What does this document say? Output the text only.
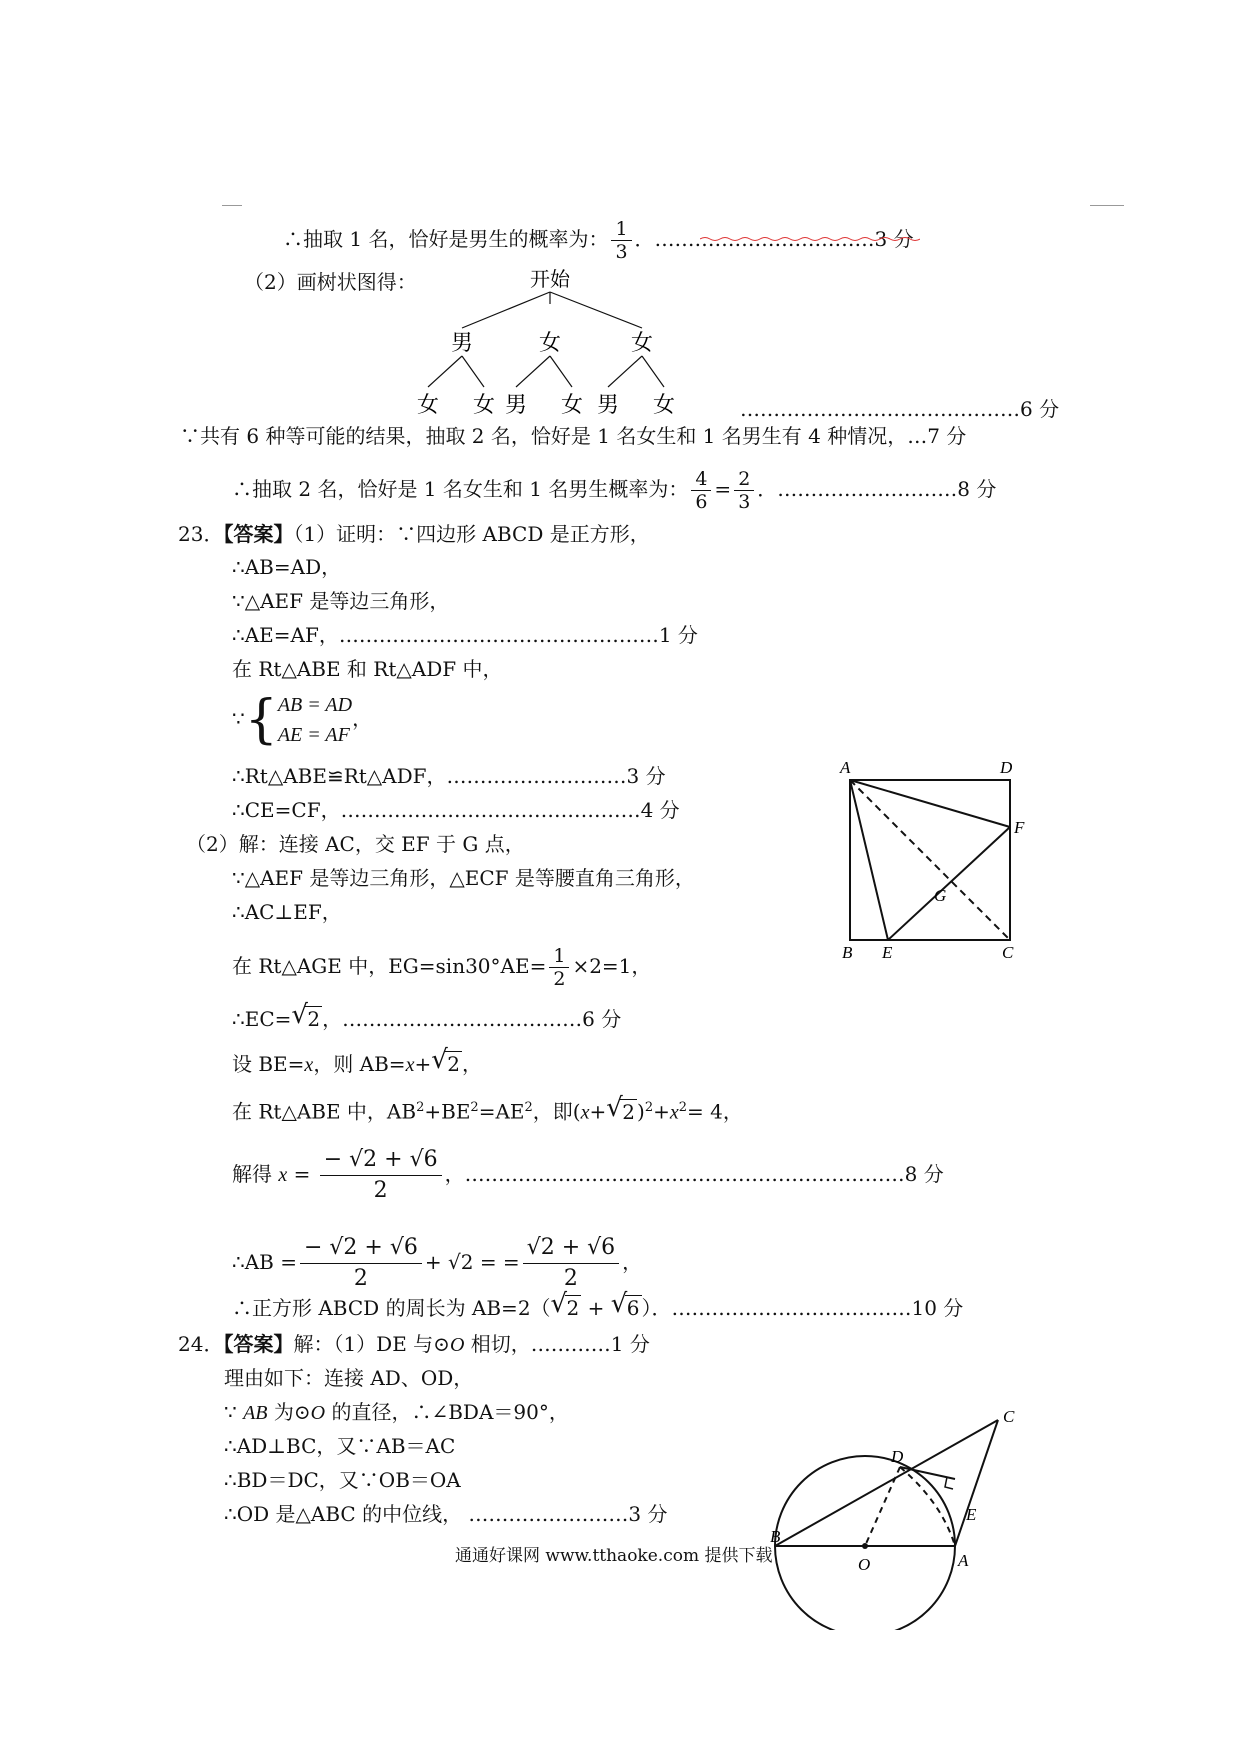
∴抽取 1 名，恰好是男生的概率为： $\frac{1}{3}$ ．……………………………3 分
（2）画树状图得：	开始
男	女	女
女 女 男 女 男 女	……………………………………6 分
∵共有 6 种等可能的结果，抽取 2 名，恰好是 1 名女生和 1 名男生有 4 种情况，…7 分
∴抽取 2 名，恰好是 1 名女生和 1 名男生概率为： $\frac{4}{6} = \frac{2}{3}$ ．………………………8 分
23．【答案】（1）证明：∵四边形 ABCD 是正方形，
∴AB=AD，
∵△AEF 是等边三角形，
∴AE=AF，…………………………………………1 分
在 Rt△ABE 和 Rt△ADF 中，
∵{ AB = AD
AE = AF
，
∴Rt△ABE≌Rt△ADF，………………………3 分
∴CE=CF，………………………………………4 分
（2）解：连接 AC，交 EF 于 G 点，
∵△AEF 是等边三角形，△ECF 是等腰直角三角形，
∴AC⊥EF，
在 Rt△AGE 中，$EG=\sin 30^\circ AE= \frac{1}{2} \times 2=1$，
∴EC= √ 2 ，………………………………6 分
设 BE=x，则 AB=x+ √ 2 ，
在 Rt△ABE 中，$AB^2+BE^2=AE^2$，即(x+ √ 2 )$^2+x^2= 4$，
解得 $x = \frac{- √2 + √6}{2}$ ，…………………………………………………………8 分
∴AB = $\frac{- √2 + √6}{2} + √2$ = = $\frac{√2 + √6}{2}$ ，
∴正方形 ABCD 的周长为 AB=2（ √ 2 + √ 6 ）．………………………………10 分
A	D
F
G
B E	C
24．【答案】解：（1）DE 与⊙O 相切，…………1 分
理由如下：连接 AD、OD，
∵ AB 为⊙O 的直径，∴∠BDA＝90°，
∴AD⊥BC，又∵AB＝AC
∴BD＝DC，又∵OB＝OA
∴OD 是△ABC 的中位线， ……………………3 分
C
D
E
B
O	A
通通好课网 www.tthaoke.com 提供下载
